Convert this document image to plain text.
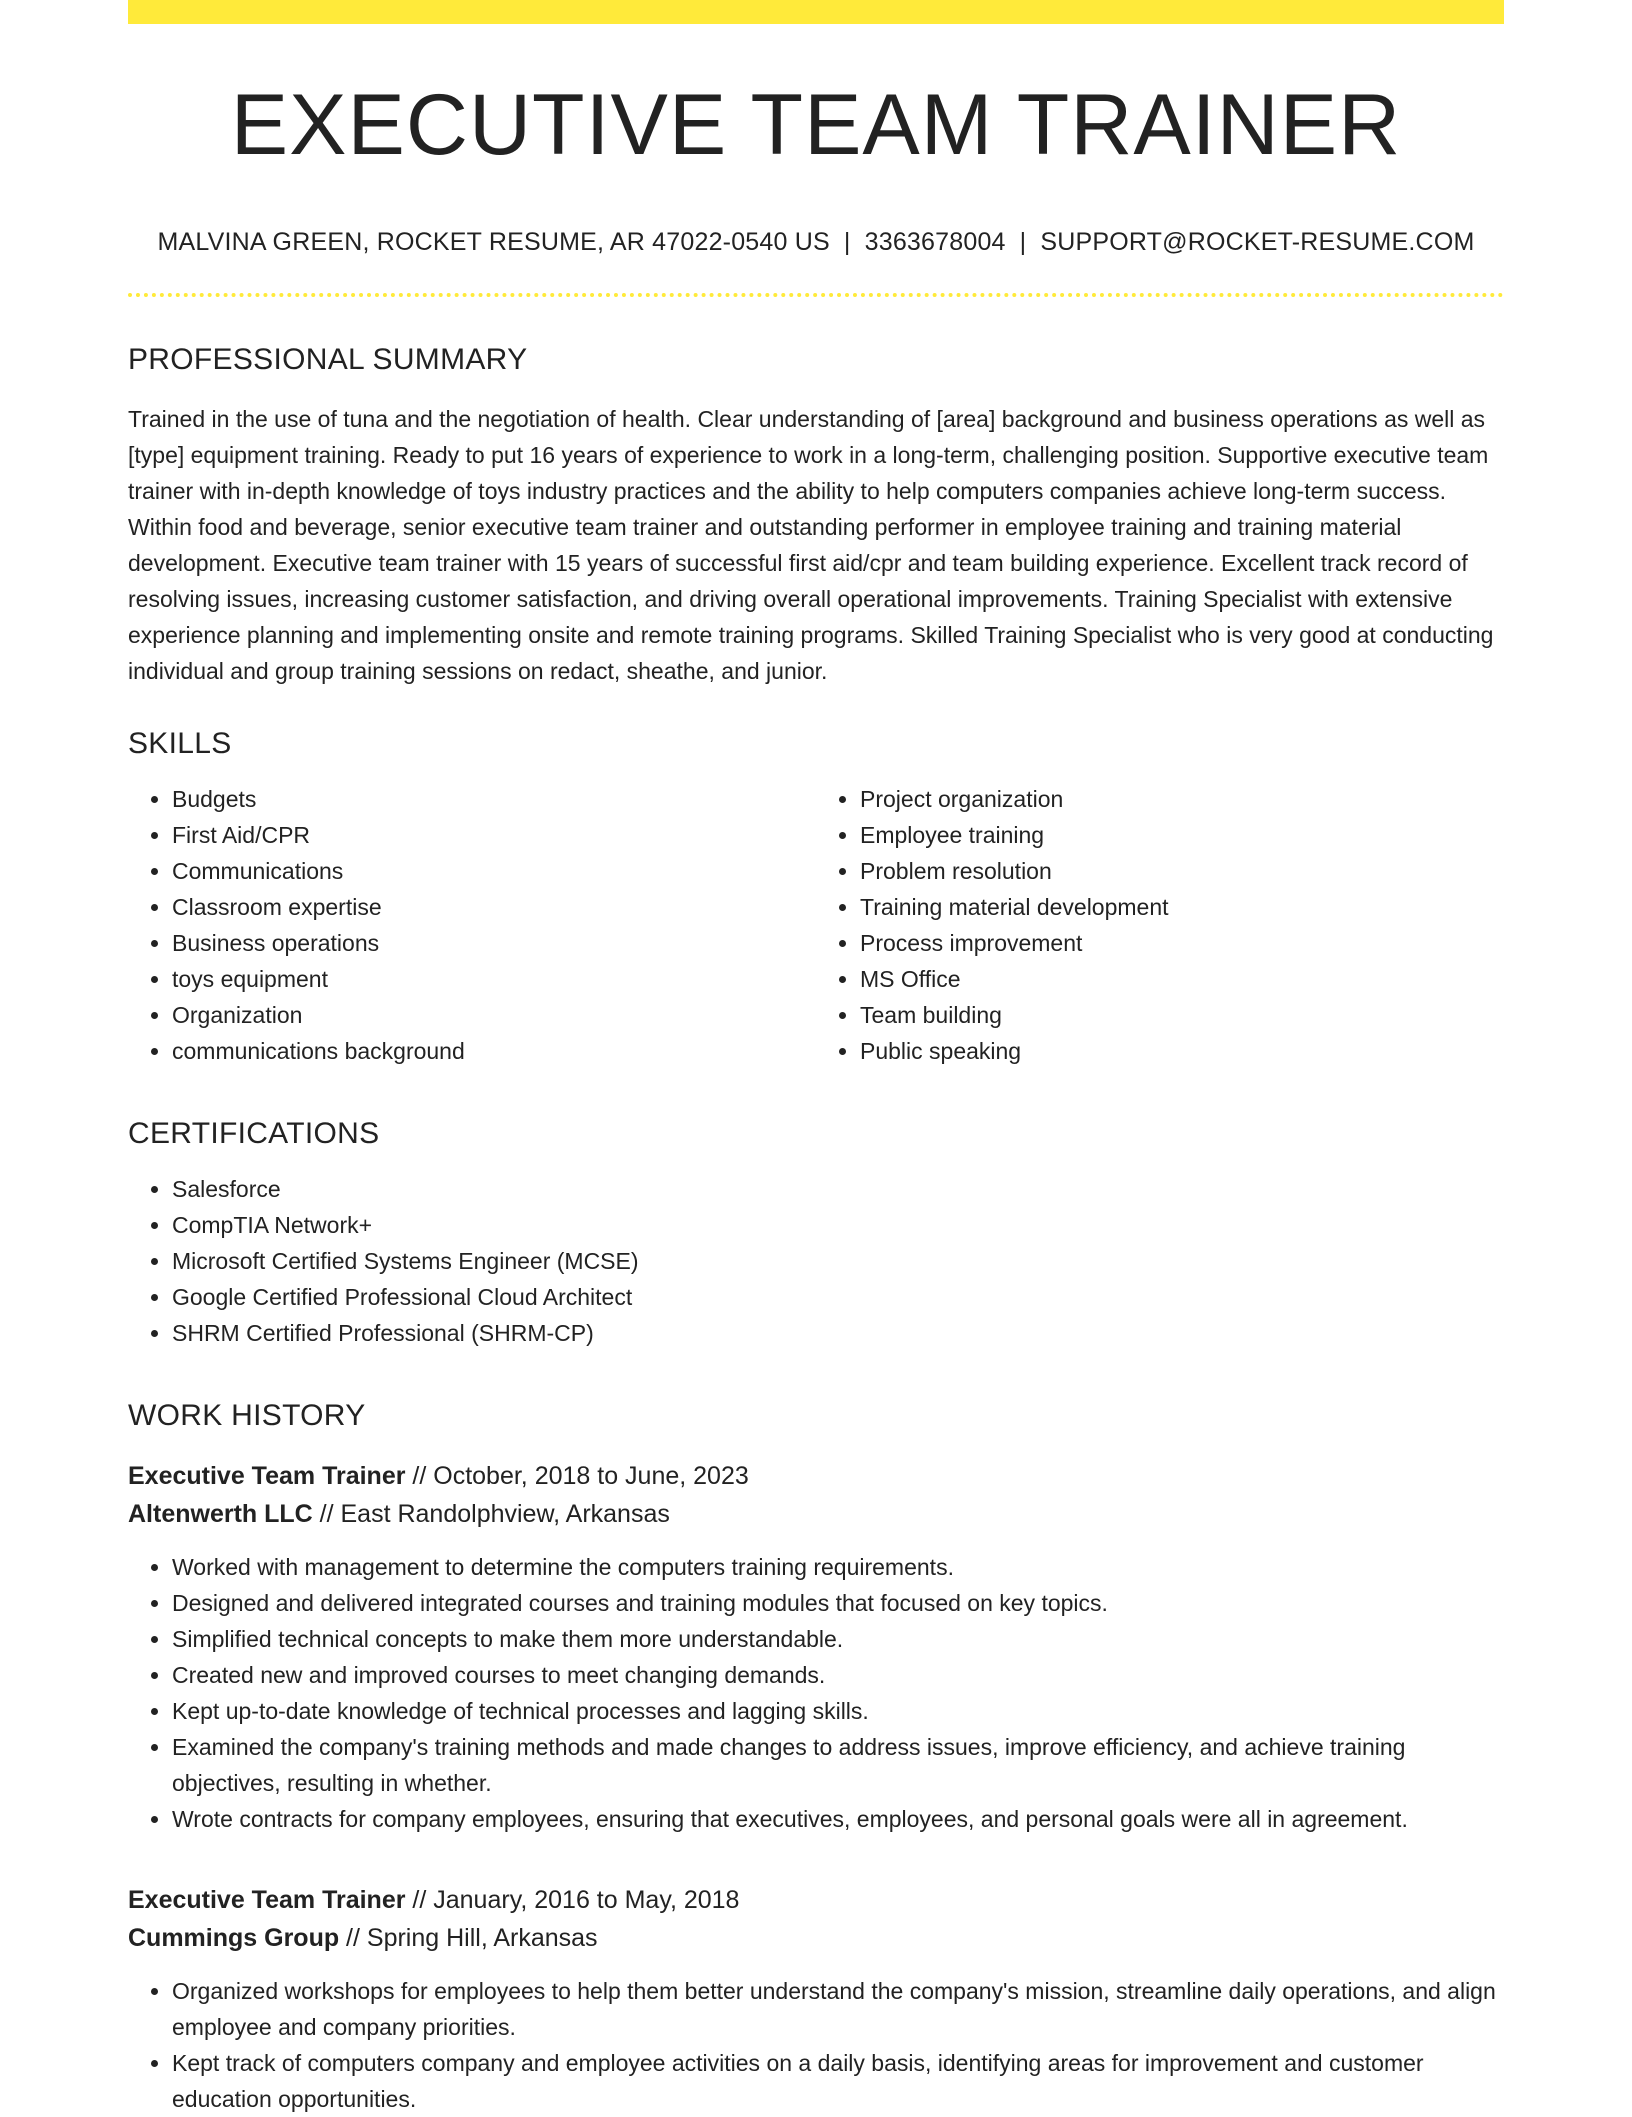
EXECUTIVE TEAM TRAINER
MALVINA GREEN, ROCKET RESUME, AR 47022-0540 US | 3363678004 | SUPPORT@ROCKET-RESUME.COM
PROFESSIONAL SUMMARY

Trained in the use of tuna and the negotiation of health. Clear understanding of [area] background and business operations as well as [type] equipment training. Ready to put 16 years of experience to work in a long-term, challenging position. Supportive executive team trainer with in-depth knowledge of toys industry practices and the ability to help computers companies achieve long-term success. Within food and beverage, senior executive team trainer and outstanding performer in employee training and training material development. Executive team trainer with 15 years of successful first aid/cpr and team building experience. Excellent track record of resolving issues, increasing customer satisfaction, and driving overall operational improvements. Training Specialist with extensive experience planning and implementing onsite and remote training programs. Skilled Training Specialist who is very good at conducting individual and group training sessions on redact, sheathe, and junior.

SKILLS
• Budgets
• First Aid/CPR
• Communications
• Classroom expertise
• Business operations
• toys equipment
• Organization
• communications background
• Project organization
• Employee training
• Problem resolution
• Training material development
• Process improvement
• MS Office
• Team building
• Public speaking
CERTIFICATIONS
• Salesforce
• CompTIA Network+
• Microsoft Certified Systems Engineer (MCSE)
• Google Certified Professional Cloud Architect
• SHRM Certified Professional (SHRM-CP)
WORK HISTORY
Executive Team Trainer // October, 2018 to June, 2023
Altenwerth LLC // East Randolphview, Arkansas
• Worked with management to determine the computers training requirements.
• Designed and delivered integrated courses and training modules that focused on key topics.
• Simplified technical concepts to make them more understandable.
• Created new and improved courses to meet changing demands.
• Kept up-to-date knowledge of technical processes and lagging skills.
• Examined the company's training methods and made changes to address issues, improve efficiency, and achieve training objectives, resulting in whether.
• Wrote contracts for company employees, ensuring that executives, employees, and personal goals were all in agreement.
Executive Team Trainer // January, 2016 to May, 2018
Cummings Group // Spring Hill, Arkansas
• Organized workshops for employees to help them better understand the company's mission, streamline daily operations, and align employee and company priorities.
• Kept track of computers company and employee activities on a daily basis, identifying areas for improvement and customer education opportunities.
